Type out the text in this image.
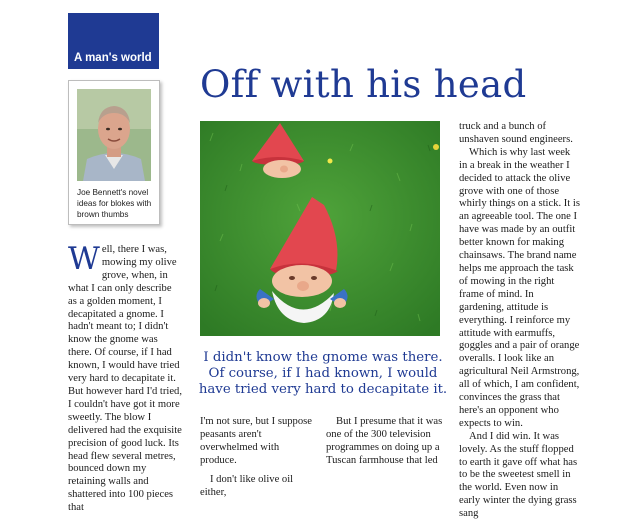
A man's world
Off with his head
Joe Bennett's novel ideas for blokes with brown thumbs

W ell, there I was, mowing my olive grove, when, in what I can only describe as a golden moment, I decapitated a gnome. I hadn't meant to; I didn't know the gnome was there. Of course, if I had known, I would have tried very hard to decapitate it. But however hard I'd tried, I couldn't have got it more sweetly. The blow I delivered had the exquisite precision of good luck. Its head flew several metres, bounced down my retaining walls and shattered into 100 pieces that

I didn't know the gnome was there. Of course, if I had known, I would have tried very hard to decapitate it.

I'm not sure, but I suppose peasants aren't overwhelmed with produce.

I don't like olive oil either,

But I presume that it was one of the 300 television programmes on doing up a Tuscan farmhouse that led

truck and a bunch of unshaven sound engineers.

Which is why last week in a break in the weather I decided to attack the olive grove with one of those whirly things on a stick. It is an agreeable tool. The one I have was made by an outfit better known for making chainsaws. The brand name helps me approach the task of mowing in the right frame of mind. In gardening, attitude is everything. I reinforce my attitude with earmuffs, goggles and a pair of orange overalls. I look like an agricultural Neil Armstrong, all of which, I am confident, convinces the grass that here's an opponent who expects to win.

And I did win. It was lovely. As the stuff flopped to earth it gave off what has to be the sweetest smell in the world. Even now in early winter the dying grass sang
